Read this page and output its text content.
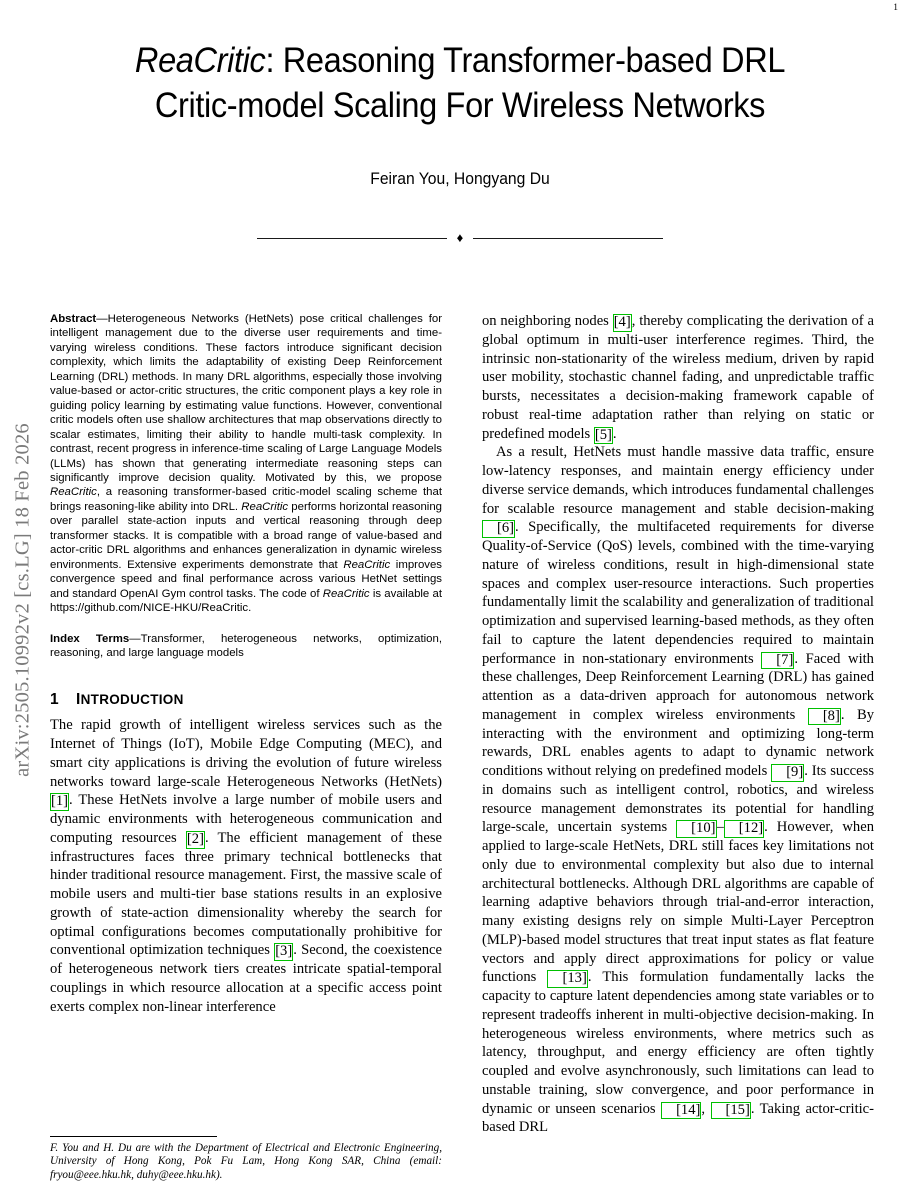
arXiv:2505.10992v2 [cs.LG] 18 Feb 2026
1
ReaCritic: Reasoning Transformer-based DRL
Critic-model Scaling For Wireless Networks
Feiran You, Hongyang Du
♦

Abstract—Heterogeneous Networks (HetNets) pose critical challenges for intelligent management due to the diverse user requirements and time-varying wireless conditions. These factors introduce significant decision complexity, which limits the adaptability of existing Deep Reinforcement Learning (DRL) methods. In many DRL algorithms, especially those involving value-based or actor-critic structures, the critic component plays a key role in guiding policy learning by estimating value functions. However, conventional critic models often use shallow architectures that map observations directly to scalar estimates, limiting their ability to handle multi-task complexity. In contrast, recent progress in inference-time scaling of Large Language Models (LLMs) has shown that generating intermediate reasoning steps can significantly improve decision quality. Motivated by this, we propose ReaCritic, a reasoning transformer-based critic-model scaling scheme that brings reasoning-like ability into DRL. ReaCritic performs horizontal reasoning over parallel state-action inputs and vertical reasoning through deep transformer stacks. It is compatible with a broad range of value-based and actor-critic DRL algorithms and enhances generalization in dynamic wireless environments. Extensive experiments demonstrate that ReaCritic improves convergence speed and final performance across various HetNet settings and standard OpenAI Gym control tasks. The code of ReaCritic is available at https://github.com/NICE-HKU/ReaCritic.

Index Terms—Transformer, heterogeneous networks, optimization, reasoning, and large language models

1	INTRODUCTION

The rapid growth of intelligent wireless services such as the Internet of Things (IoT), Mobile Edge Computing (MEC), and smart city applications is driving the evolution of future wireless networks toward large-scale Heterogeneous Networks (HetNets) [1]. These HetNets involve a large number of mobile users and dynamic environments with heterogeneous communication and computing resources [2]. The efficient management of these infrastructures faces three primary technical bottlenecks that hinder traditional resource management. First, the massive scale of mobile users and multi-tier base stations results in an explosive growth of state-action dimensionality whereby the search for optimal configurations becomes computationally prohibitive for conventional optimization techniques [3]. Second, the coexistence of heterogeneous network tiers creates intricate spatial-temporal couplings in which resource allocation at a specific access point exerts complex non-linear interference

on neighboring nodes [4], thereby complicating the derivation of a global optimum in multi-user interference regimes. Third, the intrinsic non-stationarity of the wireless medium, driven by rapid user mobility, stochastic channel fading, and unpredictable traffic bursts, necessitates a decision-making framework capable of robust real-time adaptation rather than relying on static or predefined models [5].

As a result, HetNets must handle massive data traffic, ensure low-latency responses, and maintain energy efficiency under diverse service demands, which introduces fundamental challenges for scalable resource management and stable decision-making [6]. Specifically, the multifaceted requirements for diverse Quality-of-Service (QoS) levels, combined with the time-varying nature of wireless conditions, result in high-dimensional state spaces and complex user-resource interactions. Such properties fundamentally limit the scalability and generalization of traditional optimization and supervised learning-based methods, as they often fail to capture the latent dependencies required to maintain performance in non-stationary environments [7]. Faced with these challenges, Deep Reinforcement Learning (DRL) has gained attention as a data-driven approach for autonomous network management in complex wireless environments [8]. By interacting with the environment and optimizing long-term rewards, DRL enables agents to adapt to dynamic network conditions without relying on predefined models [9]. Its success in domains such as intelligent control, robotics, and wireless resource management demonstrates its potential for handling large-scale, uncertain systems [10]– [12]. However, when applied to large-scale HetNets, DRL still faces key limitations not only due to environmental complexity but also due to internal architectural bottlenecks. Although DRL algorithms are capable of learning adaptive behaviors through trial-and-error interaction, many existing designs rely on simple Multi-Layer Perceptron (MLP)-based model structures that treat input states as flat feature vectors and apply direct approximations for policy or value functions [13]. This formulation fundamentally lacks the capacity to capture latent dependencies among state variables or to represent tradeoffs inherent in multi-objective decision-making. In heterogeneous wireless environments, where metrics such as latency, throughput, and energy efficiency are often tightly coupled and evolve asynchronously, such limitations can lead to unstable training, slow convergence, and poor performance in dynamic or unseen scenarios [14], [15]. Taking actor-critic-based DRL

F. You and H. Du are with the Department of Electrical and Electronic Engineering, University of Hong Kong, Pok Fu Lam, Hong Kong SAR, China (email: fryou@eee.hku.hk, duhy@eee.hku.hk).
